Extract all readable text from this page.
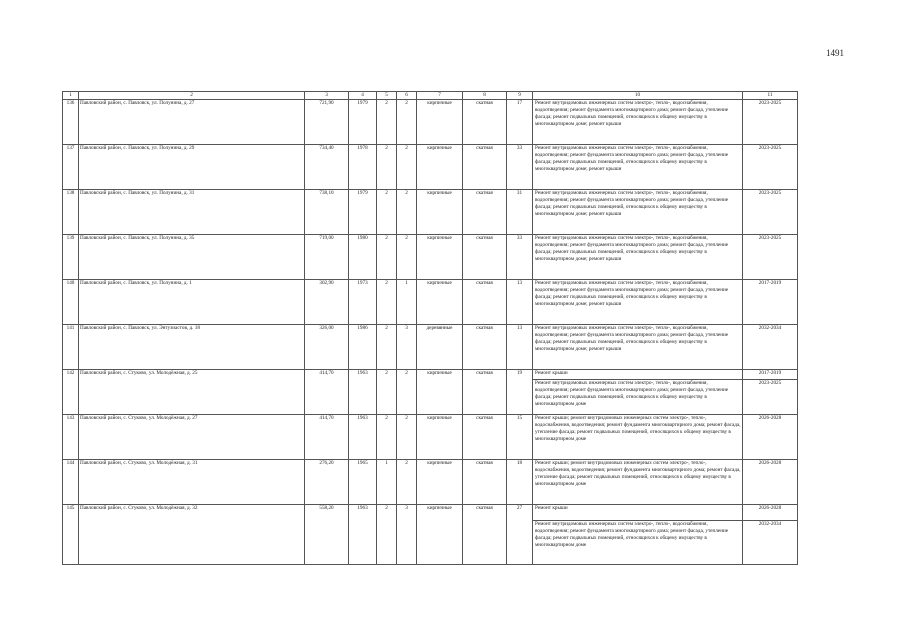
1491
1	2	3	4	5	6	7	8	9	10	11
136	Павловский район, с. Павловск, ул. Полунина, д. 27	721,90	1979	2	2	кирпичные	скатная	17	Ремонт внутридомовых инженерных систем электро-, тепло-, водоснабжения, водоотведения; ремонт фундамента многоквартирного дома; ремонт фасада, утепление фасада; ремонт подвальных помещений, относящихся к общему имуществу в многоквартирном доме; ремонт крыши	2023-2025
137	Павловский район, с. Павловск, ул. Полунина, д. 29	734,40	1978	2	2	кирпичные	скатная	33	Ремонт внутридомовых инженерных систем электро-, тепло-, водоснабжения, водоотведения; ремонт фундамента многоквартирного дома; ремонт фасада, утепление фасада; ремонт подвальных помещений, относящихся к общему имуществу в многоквартирном доме; ремонт крыши	2023-2025
138	Павловский район, с. Павловск, ул. Полунина, д. 31	738,10	1979	2	2	кирпичные	скатная	31	Ремонт внутридомовых инженерных систем электро-, тепло-, водоснабжения, водоотведения; ремонт фундамента многоквартирного дома; ремонт фасада, утепление фасада; ремонт подвальных помещений, относящихся к общему имуществу в многоквартирном доме; ремонт крыши	2023-2025
139	Павловский район, с. Павловск, ул. Полунина, д. 35	719,00	1980	2	2	кирпичные	скатная	33	Ремонт внутридомовых инженерных систем электро-, тепло-, водоснабжения, водоотведения; ремонт фундамента многоквартирного дома; ремонт фасада, утепление фасада; ремонт подвальных помещений, относящихся к общему имуществу в многоквартирном доме; ремонт крыши	2023-2025
140	Павловский район, с. Павловск, ул. Полунина, д. 1	302,90	1973	2	1	кирпичные	скатная	13	Ремонт внутридомовых инженерных систем электро-, тепло-, водоснабжения, водоотведения; ремонт фундамента многоквартирного дома; ремонт фасада, утепление фасада; ремонт подвальных помещений, относящихся к общему имуществу в многоквартирном доме; ремонт крыши	2017-2019
141	Павловский район, с. Павловск, ул. Энтузиастов, д. 18	326,00	1986	2	3	деревянные	скатная	13	Ремонт внутридомовых инженерных систем электро-, тепло-, водоснабжения, водоотведения; ремонт фундамента многоквартирного дома; ремонт фасада, утепление фасада; ремонт подвальных помещений, относящихся к общему имуществу в многоквартирном доме; ремонт крыши	2032-2034
142	Павловский район, с. Стуково, ул. Молодёжная, д. 25	414,70	1963	2	2	кирпичные	скатная	19	Ремонт крыши	2017-2019
									Ремонт внутридомовых инженерных систем электро-, тепло-, водоснабжения, водоотведения; ремонт фундамента многоквартирного дома; ремонт фасада, утепление фасада; ремонт подвальных помещений, относящихся к общему имуществу в многоквартирном доме	2023-2025
143	Павловский район, с. Стуково, ул. Молодёжная, д. 27	414,70	1963	2	2	кирпичные	скатная	15	Ремонт крыши; ремонт внутридомовых инженерных систем электро-, тепло-, водоснабжения, водоотведения; ремонт фундамента многоквартирного дома; ремонт фасада, утепление фасада; ремонт подвальных помещений, относящихся к общему имуществу в многоквартирном доме	2026-2028
144	Павловский район, с. Стуково, ул. Молодёжная, д. 31	276,20	1965	1	2	кирпичные	скатная	18	Ремонт крыши; ремонт внутридомовых инженерных систем электро-, тепло-, водоснабжения, водоотведения; ремонт фундамента многоквартирного дома; ремонт фасада, утепление фасада; ремонт подвальных помещений, относящихся к общему имуществу в многоквартирном доме	2026-2028
145	Павловский район, с. Стуково, ул. Молодёжная, д. 32	558,20	1963	2	3	кирпичные	скатная	27	Ремонт крыши	2026-2028
									Ремонт внутридомовых инженерных систем электро-, тепло-, водоснабжения, водоотведения; ремонт фундамента многоквартирного дома; ремонт фасада, утепление фасада; ремонт подвальных помещений, относящихся к общему имуществу в многоквартирном доме	2032-2034
